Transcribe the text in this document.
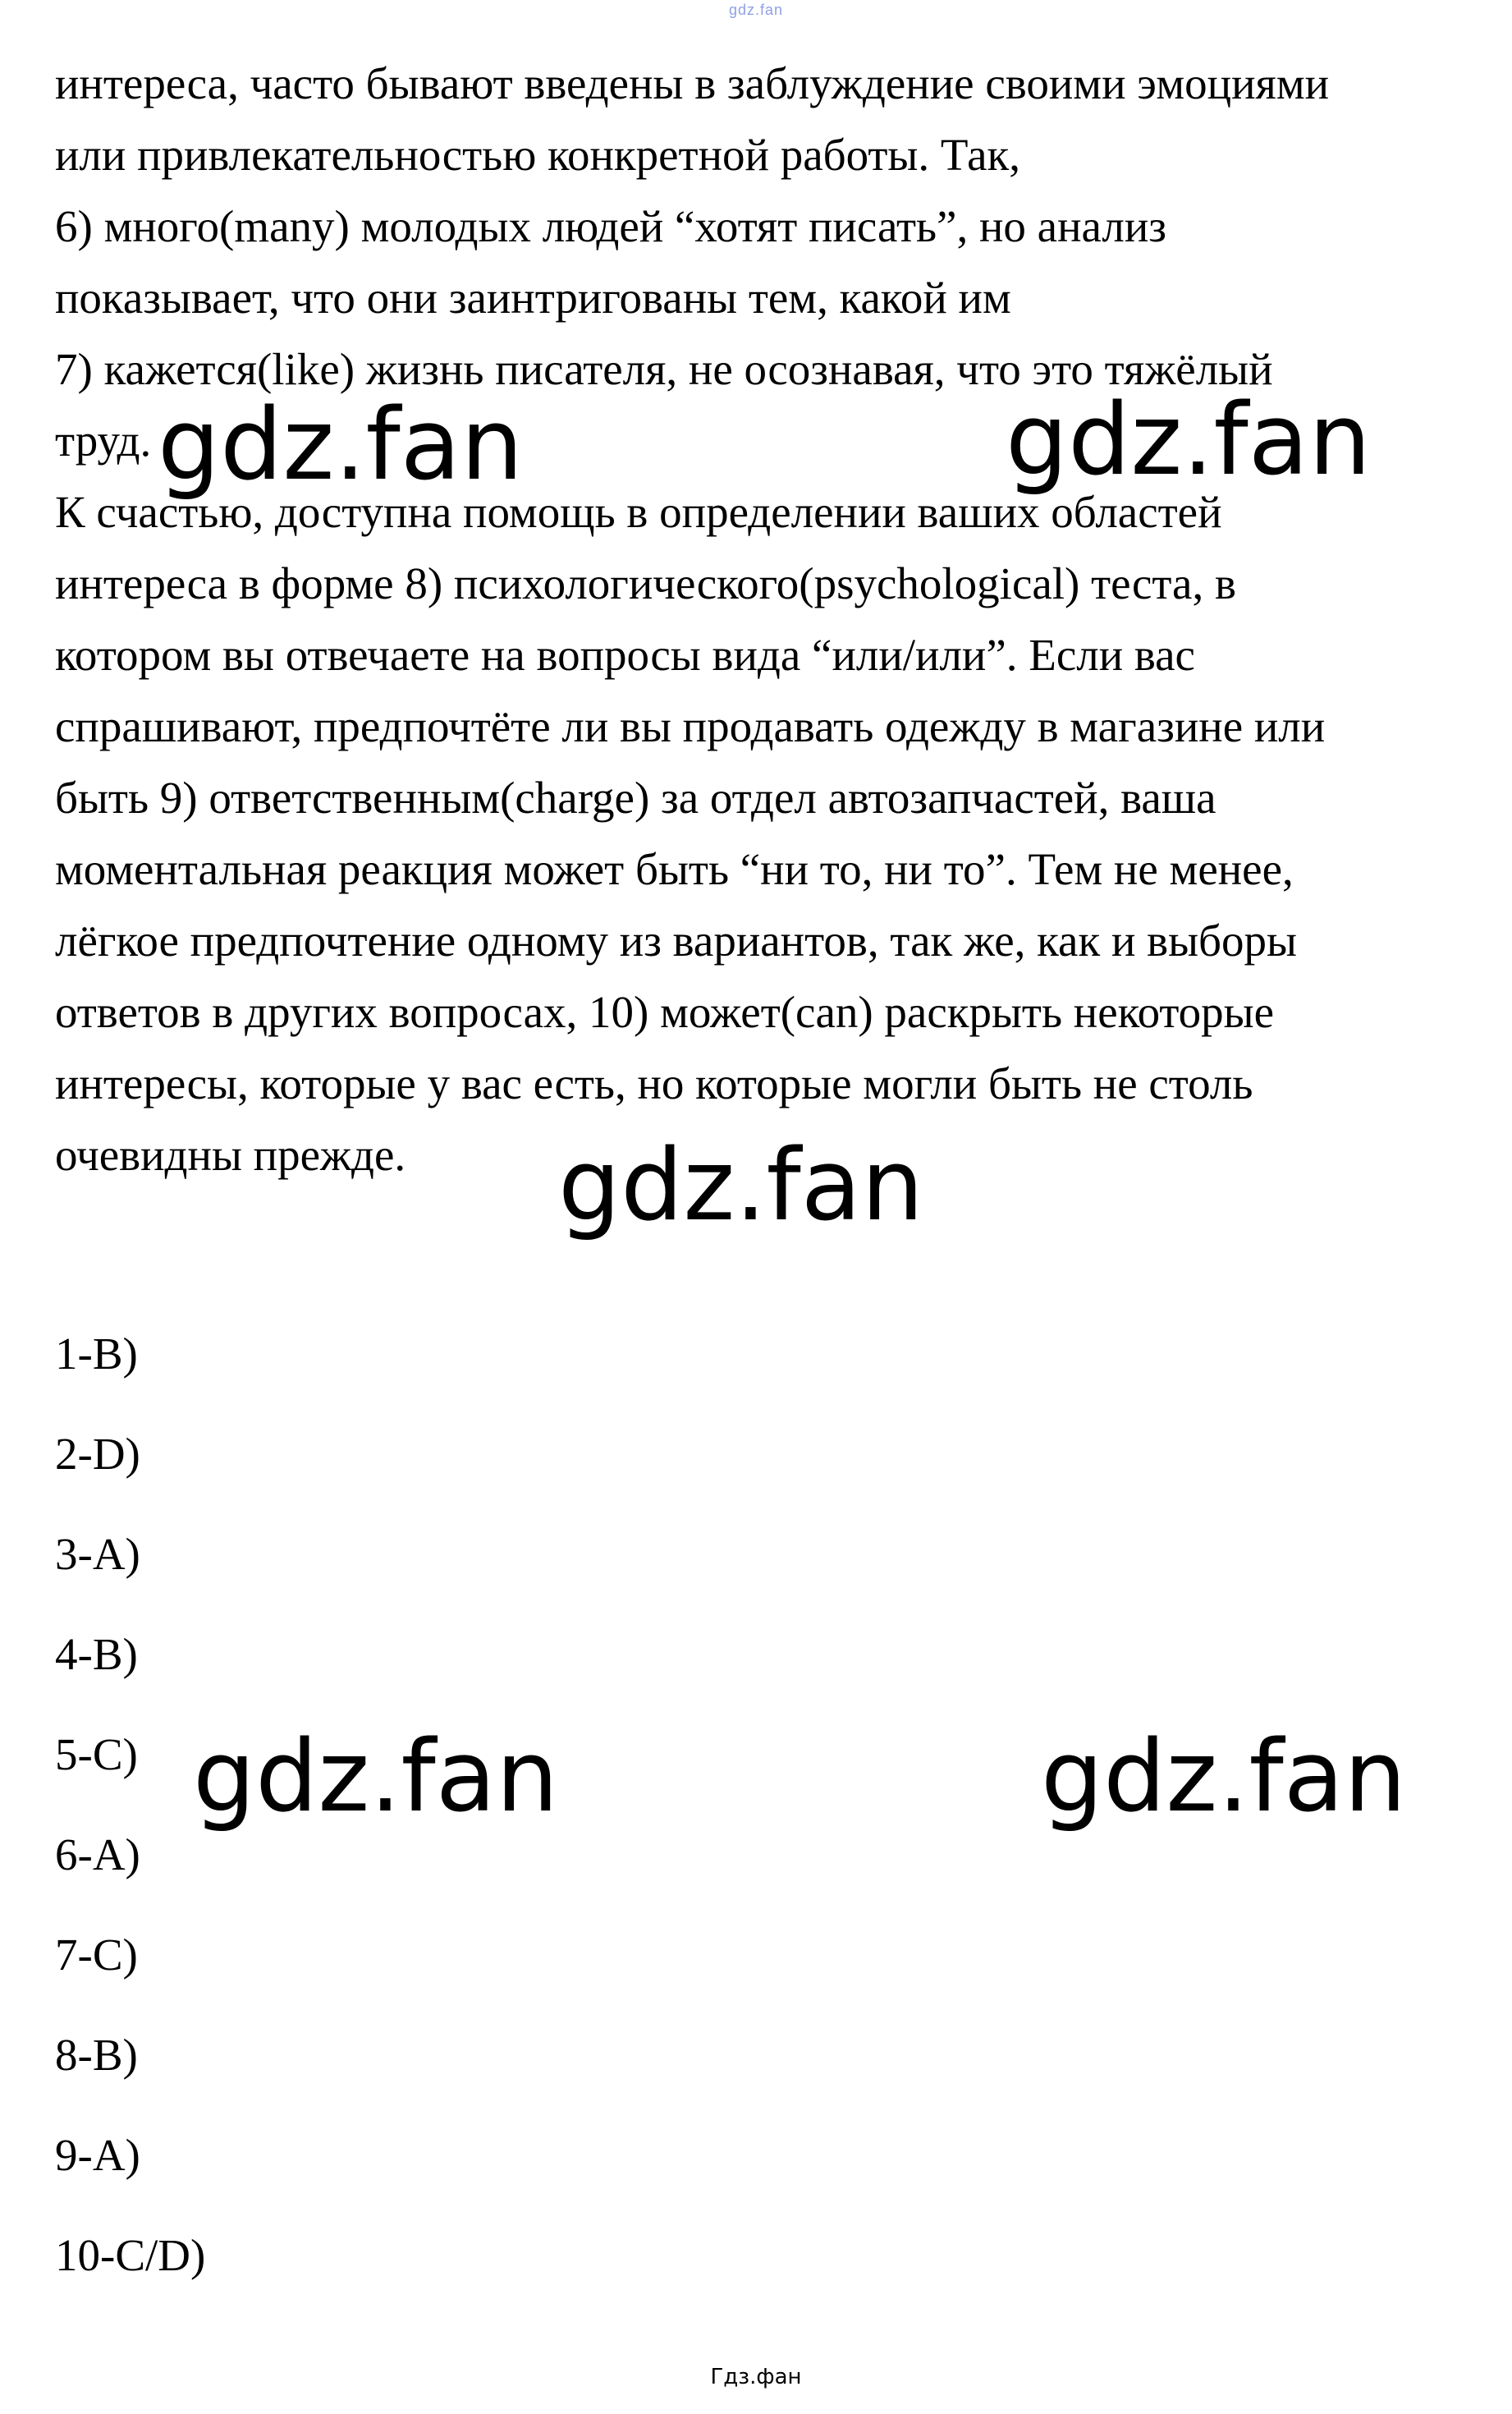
gdz.fan
интереса, часто бывают введены в заблуждение своими эмоциями
или привлекательностью конкретной работы. Так,
6) много(many) молодых людей “хотят писать”, но анализ
показывает, что они заинтригованы тем, какой им
7) кажется(like) жизнь писателя, не осознавая, что это тяжёлый
труд.
К счастью, доступна помощь в определении ваших областей
интереса в форме 8) психологического(psychological) теста, в
котором вы отвечаете на вопросы вида “или/или”. Если вас
спрашивают, предпочтёте ли вы продавать одежду в магазине или
быть 9) ответственным(charge) за отдел автозапчастей, ваша
моментальная реакция может быть “ни то, ни то”. Тем не менее,
лёгкое предпочтение одному из вариантов, так же, как и выборы
ответов в других вопросах, 10) может(can) раскрыть некоторые
интересы, которые у вас есть, но которые могли быть не столь
очевидны прежде.
1-B)
2-D)
3-A)
4-B)
5-C)
6-A)
7-C)
8-B)
9-A)
10-C/D)
gdz.fan	gdz.fan
gdz.fan
gdz.fan	gdz.fan
Гдз.фан
